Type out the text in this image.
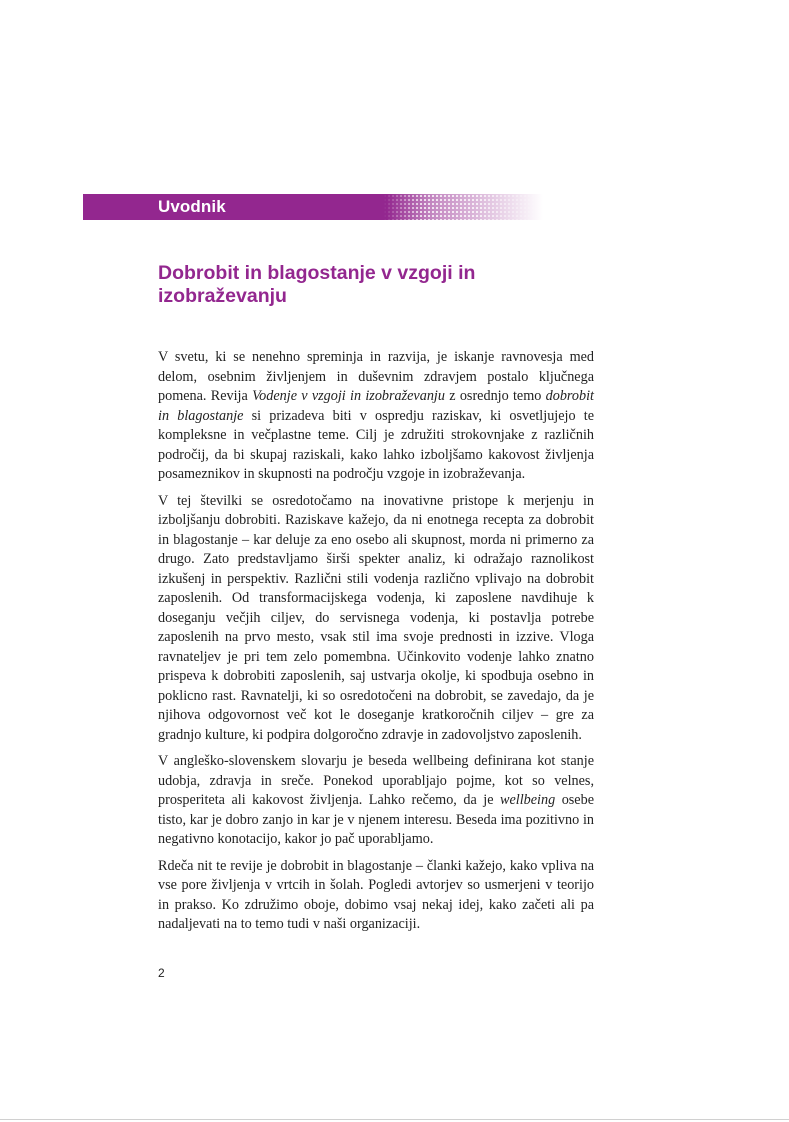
Uvodnik
Dobrobit in blagostanje v vzgoji in izobraževanju

V svetu, ki se nenehno spreminja in razvija, je iskanje ravnovesja med delom, osebnim življenjem in duševnim zdravjem postalo ključnega pomena. Revija Vodenje v vzgoji in izobraževanju z osrednjo temo dobrobit in blagostanje si prizadeva biti v ospredju raziskav, ki osvetljujejo te kompleksne in večplastne teme. Cilj je združiti strokovnjake z različnih področij, da bi skupaj raziskali, kako lahko izboljšamo kakovost življenja posameznikov in skupnosti na področju vzgoje in izobraževanja.

V tej številki se osredotočamo na inovativne pristope k merjenju in izboljšanju dobrobiti. Raziskave kažejo, da ni enotnega recepta za dobrobit in blagostanje – kar deluje za eno osebo ali skupnost, morda ni primerno za drugo. Zato predstavljamo širši spekter analiz, ki odražajo raznolikost izkušenj in perspektiv. Različni stili vodenja različno vplivajo na dobrobit zaposlenih. Od transformacijskega vodenja, ki zaposlene navdihuje k doseganju večjih ciljev, do servisnega vodenja, ki postavlja potrebe zaposlenih na prvo mesto, vsak stil ima svoje prednosti in izzive. Vloga ravnateljev je pri tem zelo pomembna. Učinkovito vodenje lahko znatno prispeva k dobrobiti zaposlenih, saj ustvarja okolje, ki spodbuja osebno in poklicno rast. Ravnatelji, ki so osredotočeni na dobrobit, se zavedajo, da je njihova odgovornost več kot le doseganje kratkoročnih ciljev – gre za gradnjo kulture, ki podpira dolgoročno zdravje in zadovoljstvo zaposlenih.

V angleško-slovenskem slovarju je beseda wellbeing definirana kot stanje udobja, zdravja in sreče. Ponekod uporabljajo pojme, kot so velnes, prosperiteta ali kakovost življenja. Lahko rečemo, da je wellbeing osebe tisto, kar je dobro zanjo in kar je v njenem interesu. Beseda ima pozitivno in negativno konotacijo, kakor jo pač uporabljamo.

Rdeča nit te revije je dobrobit in blagostanje – članki kažejo, kako vpliva na vse pore življenja v vrtcih in šolah. Pogledi avtorjev so usmerjeni v teorijo in prakso. Ko združimo oboje, dobimo vsaj nekaj idej, kako začeti ali pa nadaljevati na to temo tudi v naši organizaciji.

2
